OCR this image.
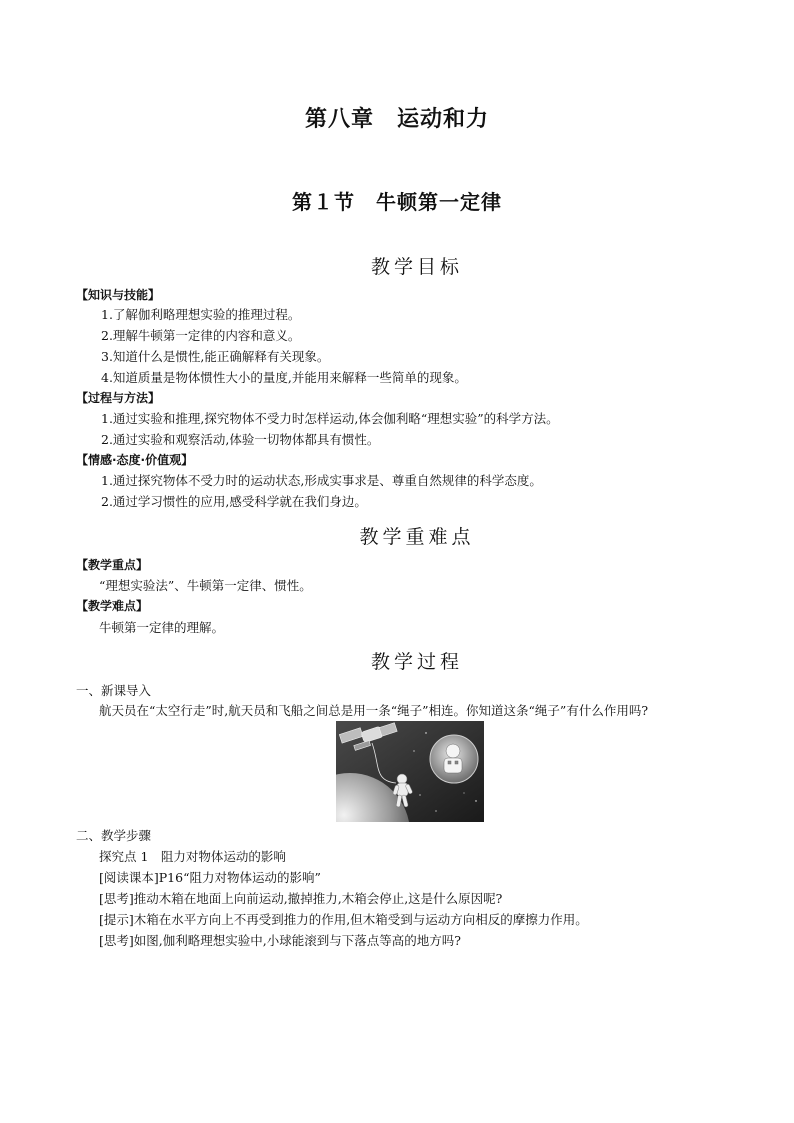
第八章　运动和力
第１节　牛顿第一定律
教学目标
【知识与技能】
1.了解伽利略理想实验的推理过程。
2.理解牛顿第一定律的内容和意义。
3.知道什么是惯性,能正确解释有关现象。
4.知道质量是物体惯性大小的量度,并能用来解释一些简单的现象。
【过程与方法】
1.通过实验和推理,探究物体不受力时怎样运动,体会伽利略“理想实验”的科学方法。
2.通过实验和观察活动,体验一切物体都具有惯性。
【情感·态度·价值观】
1.通过探究物体不受力时的运动状态,形成实事求是、尊重自然规律的科学态度。
2.通过学习惯性的应用,感受科学就在我们身边。
教学重难点
【教学重点】
“理想实验法”、牛顿第一定律、惯性。
【教学难点】
牛顿第一定律的理解。
教学过程
一、新课导入
航天员在“太空行走”时,航天员和飞船之间总是用一条“绳子”相连。你知道这条“绳子”有什么作用吗?
二、教学步骤
探究点 1　阻力对物体运动的影响
[阅读课本]P16“阻力对物体运动的影响”
[思考]推动木箱在地面上向前运动,撤掉推力,木箱会停止,这是什么原因呢?
[提示]木箱在水平方向上不再受到推力的作用,但木箱受到与运动方向相反的摩擦力作用。
[思考]如图,伽利略理想实验中,小球能滚到与下落点等高的地方吗?
